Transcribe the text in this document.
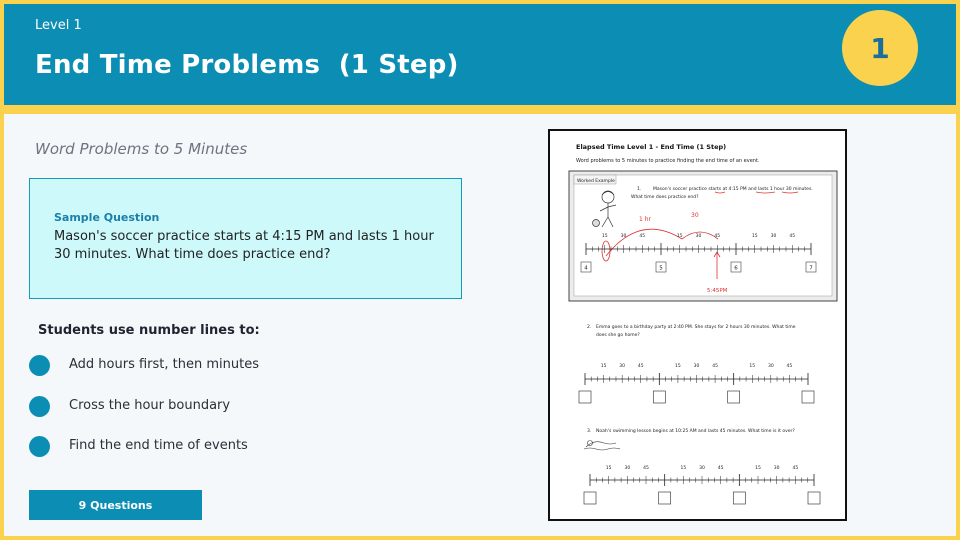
Level 1
End Time Problems  (1 Step)
1
Word Problems to 5 Minutes
Sample Question
Mason's soccer practice starts at 4:15 PM and lasts 1 hour 30 minutes. What time does practice end?
Students use number lines to:
Add hours first, then minutes
Cross the hour boundary
Find the end time of events
9 Questions
Elapsed Time Level 1 - End Time (1 Step)
Word problems to 5 minutes to practice finding the end time of an event.
Worked Example
1.	Mason's soccer practice starts at 4:15 PM and lasts 1 hour 30 minutes.
What time does practice end?
1 hr
30
5:45PM
4
15	30	45
5
15	30	45
6
15	30	45
7
15	30	45	15	30	45	15	30	45
15	30	45	15	30	45	15	30	45
2. Emma goes to a birthday party at 2:40 PM. She stays for 2 hours 30 minutes. What time
does she go home?
3. Noah's swimming lesson begins at 10:25 AM and lasts 45 minutes. What time is it over?
